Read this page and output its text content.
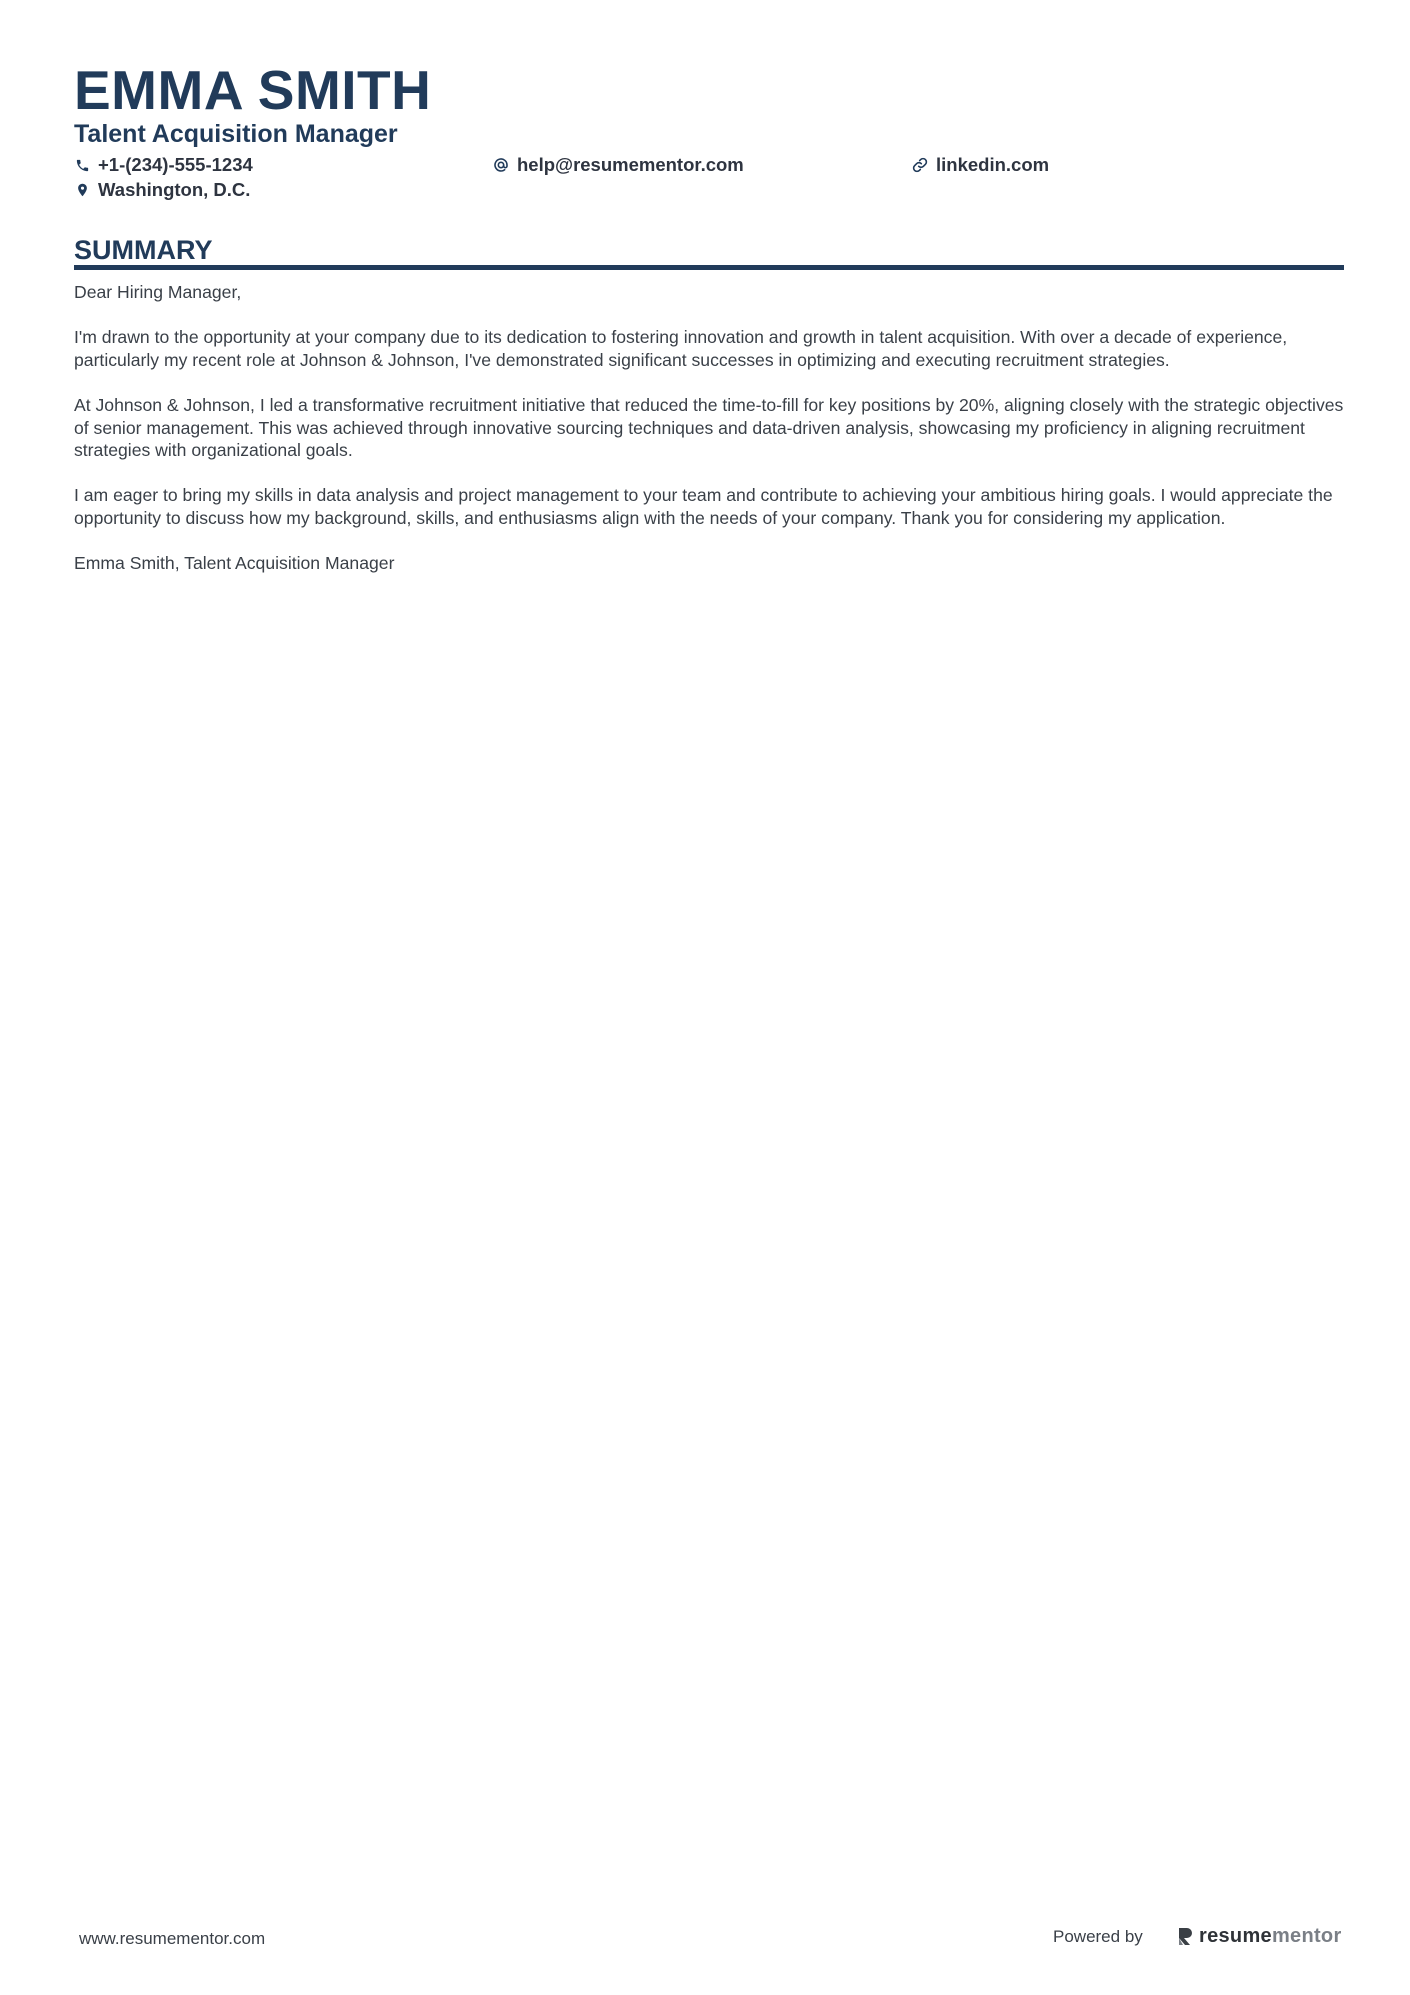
EMMA SMITH
Talent Acquisition Manager
+1-(234)-555-1234	help@resumementor.com	linkedin.com
Washington, D.C.
SUMMARY

Dear Hiring Manager,

I'm drawn to the opportunity at your company due to its dedication to fostering innovation and growth in talent acquisition. With over a decade of experience, particularly my recent role at Johnson & Johnson, I've demonstrated significant successes in optimizing and executing recruitment strategies.

At Johnson & Johnson, I led a transformative recruitment initiative that reduced the time-to-fill for key positions by 20%, aligning closely with the strategic objectives of senior management. This was achieved through innovative sourcing techniques and data-driven analysis, showcasing my proficiency in aligning recruitment strategies with organizational goals.

I am eager to bring my skills in data analysis and project management to your team and contribute to achieving your ambitious hiring goals. I would appreciate the opportunity to discuss how my background, skills, and enthusiasms align with the needs of your company. Thank you for considering my application.

Emma Smith, Talent Acquisition Manager

www.resumementor.com	Powered by	resume mentor
